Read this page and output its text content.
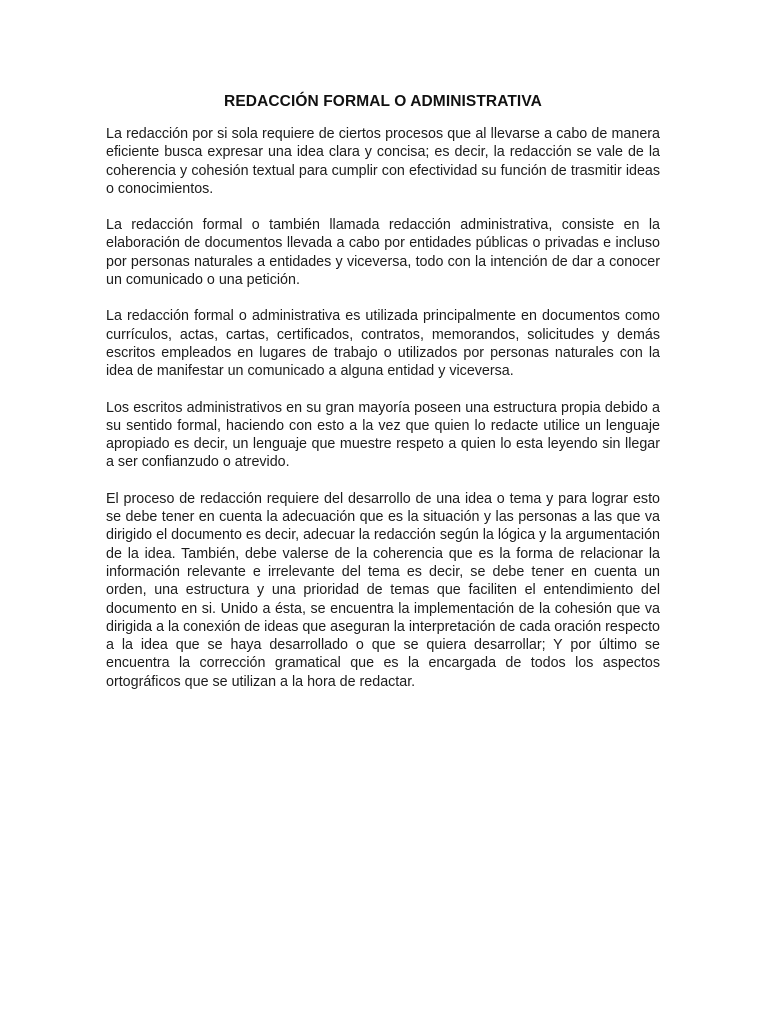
REDACCIÓN FORMAL O ADMINISTRATIVA

La redacción por si sola requiere de ciertos procesos que al llevarse a cabo de manera eficiente busca expresar una idea clara y concisa; es decir, la redacción se vale de la coherencia y cohesión textual para cumplir con efectividad su función de trasmitir ideas o conocimientos.

La redacción formal o también llamada redacción administrativa, consiste en la elaboración de documentos llevada a cabo por entidades públicas o privadas e incluso por personas naturales a entidades y viceversa, todo con la intención de dar a conocer un comunicado o una petición.

La redacción formal o administrativa es utilizada principalmente en documentos como currículos, actas, cartas, certificados, contratos, memorandos, solicitudes y demás escritos empleados en lugares de trabajo o utilizados por personas naturales con la idea de manifestar un comunicado a alguna entidad y viceversa.

Los escritos administrativos en su gran mayoría poseen una estructura propia debido a su sentido formal, haciendo con esto a la vez que quien lo redacte utilice un lenguaje apropiado es decir, un lenguaje que muestre respeto a quien lo esta leyendo sin llegar a ser confianzudo o atrevido.

El proceso de redacción requiere del desarrollo de una idea o tema y para lograr esto se debe tener en cuenta la adecuación que es la situación y las personas a las que va dirigido el documento es decir, adecuar la redacción según la lógica y la argumentación de la idea. También, debe valerse de la coherencia que es la forma de relacionar la información relevante e irrelevante del tema es decir, se debe tener en cuenta un orden, una estructura y una prioridad de temas que faciliten el entendimiento del documento en si. Unido a ésta, se encuentra la implementación de la cohesión que va dirigida a la conexión de ideas que aseguran la interpretación de cada oración respecto a la idea que se haya desarrollado o que se quiera desarrollar; Y por último se encuentra la corrección gramatical que es la encargada de todos los aspectos ortográficos que se utilizan a la hora de redactar.
